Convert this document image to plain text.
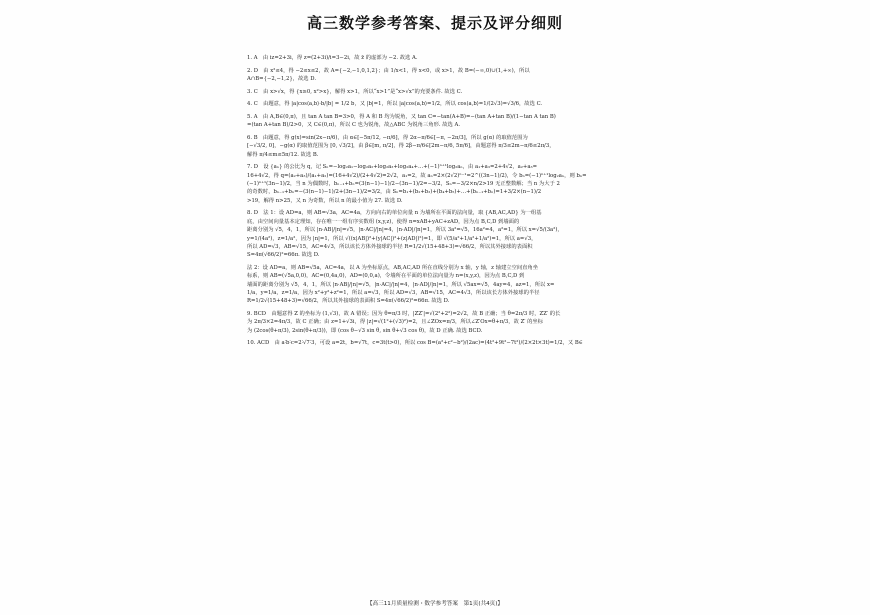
高三数学参考答案、提示及评分细则
1. A　由 iz=2+3i，得 z=(2+3i)/i=3−2i，故 z̄ 的虚部为 −2. 故选 A.
2. D　由 x²≤4，得 −2≤x≤2，故 A={−2,−1,0,1,2}；由 1/x<1，得 x<0，或 x>1，故 B=(−∞,0)∪(1,+∞)，所以
A∩B={−2,−1,2}，故选 D.
3. C　由 x>√x，得 {x≥0, x²>x}，解得 x>1，所以“x>1”是“x>√x”的充要条件. 故选 C.
4. C　由题意，得 |a|cos⟨a,b⟩·b/|b| = 1/2 b，又 |b|=1，所以 |a|cos⟨a,b⟩=1/2，所以 cos⟨a,b⟩=1/(2√3)=√3/6，故选 C.
5. A　由 A,B∈(0,π)，且 tan A tan B=3>0，得 A 和 B 均为锐角，又 tan C=−tan(A+B)=−(tan A+tan B)/(1−tan A tan B)
=(tan A+tan B)/2>0，又 C∈(0,π)，所以 C 也为锐角，故△ABC 为锐角三角形. 故选 A.
6. B　由题意，得 g(x)=sin(2x−π/6)，由 α∈[−5π/12, −π/6]，得 2α−π/6∈[−π, −2π/3]，所以 g(α) 的取值范围为
[−√3/2, 0]，−g(α) 的取值范围为 [0, √3/2]，由 β∈[m, π/2]，得 2β−π/6∈[2m−π/6, 5π/6]，由题意得 π/3≤2m−π/6≤2π/3，
解得 π/4≤m≤5π/12. 故选 B.
7. D　设 {aₙ} 的公比为 q，记 Sₙ=−log₂a₁−log₂a₂+log₂a₃+log₂a₄+…+(−1)ⁿ⁺¹log₂aₙ，由 a₁+a₃=2+4√2，a₂+a₃=
16+4√2，得 q=(a₂+a₃)/(a₁+a₂)=(16+4√2)/(2+4√2)=2√2，a₁=2，故 aₙ=2×(2√2)ⁿ⁻¹=2^((3n−1)/2)，令 bₙ=(−1)ⁿ⁺¹log₂aₙ，则 bₙ=
(−1)ⁿ⁺¹(3n−1)/2，当 n 为偶数时，bₙ₋₁+bₙ=(3(n−1)−1)/2−(3n−1)/2=−3/2，Sₙ=−3/2×n/2>19 无正整数解；当 n 为大于 2
的奇数时，bₙ₋₁+bₙ=−(3(n−1)−1)/2+(3n−1)/2=3/2，由 Sₙ=b₁+(b₂+b₃)+(b₄+b₅)+…+(bₙ₋₁+bₙ)=1+3/2×(n−1)/2
>19，解得 n>25，又 n 为奇数，所以 n 的最小值为 27. 故选 D.
8. D　法 1：设 AD=a，则 AB=√3a，AC=4a，方向向右的单位向量 n 为墙所在平面的法向量，取 {AB,AC,AD} 为一组基
底，由空间向量基本定理知，存在唯一一组有序实数组 (x,y,z)，使得 n=xAB+yAC+zAD，因为点 B,C,D 到墙面的
距离分别为 √5，4，1，所以 |n·AB|/|n|=√5，|n·AC|/|n|=4，|n·AD|/|n|=1，所以 3a²=√5，16a²=4，a²=1，所以 x=√5/(3a²)，
y=1/(4a²)，z=1/a²，因为 |n|=1，所以 √((x|AB|)²+(y|AC|)²+(z|AD|)²)=1，即 √(5/a²+1/a²+1/a²)=1，所以 a=√3，
所以 AD=√3，AB=√15，AC=4√3，所以该长方体外接球的半径 R=1/2√(15+48+3)=√66/2，所以其外接球的表面积
S=4π(√66/2)²=66π. 故选 D.
法 2：设 AD=a，则 AB=√5a，AC=4a，以 A 为坐标原点，AB,AC,AD 所在直线分别为 x 轴，y 轴，z 轴建立空间直角坐
标系，则 AB=(√5a,0,0)，AC=(0,4a,0)，AD=(0,0,a)，令墙所在平面的单位法向量为 n=(x,y,z)，因为点 B,C,D 到
墙面的距离分别为 √5，4，1，所以 |n·AB|/|n|=√5，|n·AC|/|n|=4，|n·AD|/|n|=1，所以 √5ax=√5，4ay=4，az=1，所以 x=
1/a，y=1/a，z=1/a，因为 x²+y²+z²=1，所以 a=√3，所以 AD=√3，AB=√15，AC=4√3，所以该长方体外接球的半径
R=1/2√(15+48+3)=√66/2，所以其外接球的表面积 S=4π(√66/2)²=66π. 故选 D.
9. BCD　由题意得 Z 的坐标为 (1,√3)，故 A 错误；因为 θ=π/3 时，|ZZ′|=√(2²+2²)=2√2，故 B 正确；当 θ=2π/3 时，ZZ′ 的长
为 2π/3×2=4π/3，故 C 正确；由 z=1+√3i，得 |z|=√(1²+(√3)²)=2，且∠ZOx=π/3，所以∠Z′Ox=θ+π/3，故 Z′ 的坐标
为 (2cos(θ+π/3), 2sin(θ+π/3))，即 (cos θ−√3 sin θ, sin θ+√3 cos θ)，故 D 正确. 故选 BCD.
10. ACD　由 a∶b∶c=2∶√7∶3，可设 a=2t，b=√7t，c=3t(t>0)，所以 cos B=(a²+c²−b²)/(2ac)=(4t²+9t²−7t²)/(2×2t×3t)=1/2，又 B∈
【高三11月质量检测・数学参考答案　第1页(共4页)】
